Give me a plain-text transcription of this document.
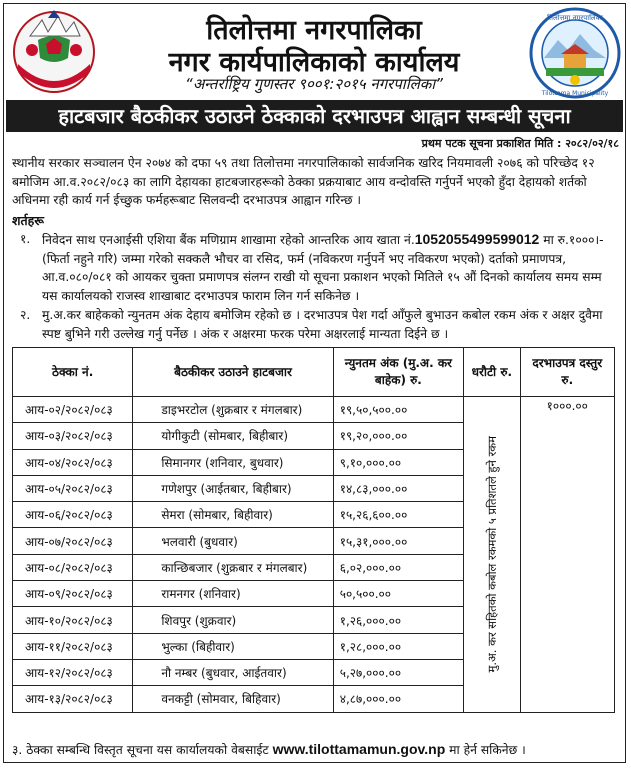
तिलोत्तमा नगरपालिका
Tilottama Municipality
तिलोत्तमा नगरपालिका
नगर कार्यपालिकाको कार्यालय
“अन्तर्राष्ट्रिय गुणस्तर ९००१:२०१५ नगरपालिका”
हाटबजार बैठकीकर उठाउने ठेक्काको दरभाउपत्र आह्वान सम्बन्धी सूचना
प्रथम पटक सूचना प्रकाशित मिति : २०८२/०२/१८
स्थानीय सरकार सञ्चालन ऐन २०७४ को दफा ५९ तथा तिलोत्तमा नगरपालिकाको सार्वजनिक खरिद नियमावली २०७६ को परिच्छेद १२ बमोजिम आ.व.२०८२/०८३ का लागि देहायका हाटबजारहरूको ठेक्का प्रक्रयाबाट आय वन्दोवस्ति गर्नुपर्ने भएकोे हुँदा देहायको शर्तको अधिनमा रही कार्य गर्न ईच्छुक फर्महरूबाट सिलवन्दी दरभाउपत्र आह्वान गरिन्छ ।
शर्तहरू
१. निवेदन साथ एनआईसी एशिया बैंक मणिग्राम शाखामा रहेको आन्तरिक आय खाता नं.105205549959901​2 मा रु.१०००।- (फिर्ता नहुने गरि) जम्मा गरेको सक्कलै भौचर वा रसिद, फर्म (नविकरण गर्नुपर्ने भए नविकरण भएको) दर्ताको प्रमाणपत्र, आ.व.०८०/०८१ को आयकर चुक्ता प्रमाणपत्र संलग्न राखी यो सूचना प्रकाशन भएको मितिले १५ औं दिनको कार्यालय समय सम्म यस कार्यालयको राजस्व शाखाबाट दरभाउपत्र फाराम लिन गर्न सकिनेछ ।
२. मु.अ.कर बाहेकको न्युनतम अंक देहाय बमोजिम रहेको छ । दरभाउपत्र पेश गर्दा आँफुले बुभाउन कबोल रकम अंक र अक्षर दुवैमा स्पष्ट बुभिने गरी उल्लेख गर्नु पर्नेछ । अंक र अक्षरमा फरक परेमा अक्षरलाई मान्यता दिईने छ ।
ठेक्का नं.	बैठकीकर उठाउने हाटबजार	न्युनतम अंक (मु.अ. कर बाहेक) रु.	धरौटी रु.	दरभाउपत्र दस्तुर रु.
आय-०२/२०८२/०८३	डाइभरटोल (शुक्रबार र मंगलबार)	१९,५०,५००.००	मु.अ. कर सहितको कबोल रकमको ५ प्रतिशतले हुने रकम	१०००.००
आय-०३/२०८२/०८३	योगीकुटी (सोमबार, बिहीबार)	१९,२०,०००.००		
आय-०४/२०८२/०८३	सिमानगर (शनिवार, बुधवार)	९,१०,०००.००		
आय-०५/२०८२/०८३	गणेशपुर (आईतबार, बिहीबार)	१४,८३,०००.००		
आय-०६/२०८२/०८३	सेमरा (सोमबार, बिहीवार)	१५,२६,६००.००		
आय-०७/२०८२/०८३	भलवारी (बुधवार)	१५,३१,०००.००		
आय-०८/२०८२/०८३	कान्छिबजार (शुक्रबार र मंगलबार)	६,०२,०००.००		
आय-०९/२०८२/०८३	रामनगर (शनिवार)	५०,५००.००		
आय-१०/२०८२/०८३	शिवपुर (शुक्रवार)	१,२६,०००.००		
आय-११/२०८२/०८३	भुल्का (बिहीवार)	१,२८,०००.००		
आय-१२/२०८२/०८३	नौ नम्बर (बुधवार, आईतवार)	५,२७,०००.००		
आय-१३/२०८२/०८३	वनकट्टी (सोमवार, बिहिवार)	४,८७,०००.००		
३. ठेक्का सम्बन्धि विस्तृत सूचना यस कार्यालयको वेबसाईट www.tilottamamun.gov.np मा हेर्न सकिनेछ ।
